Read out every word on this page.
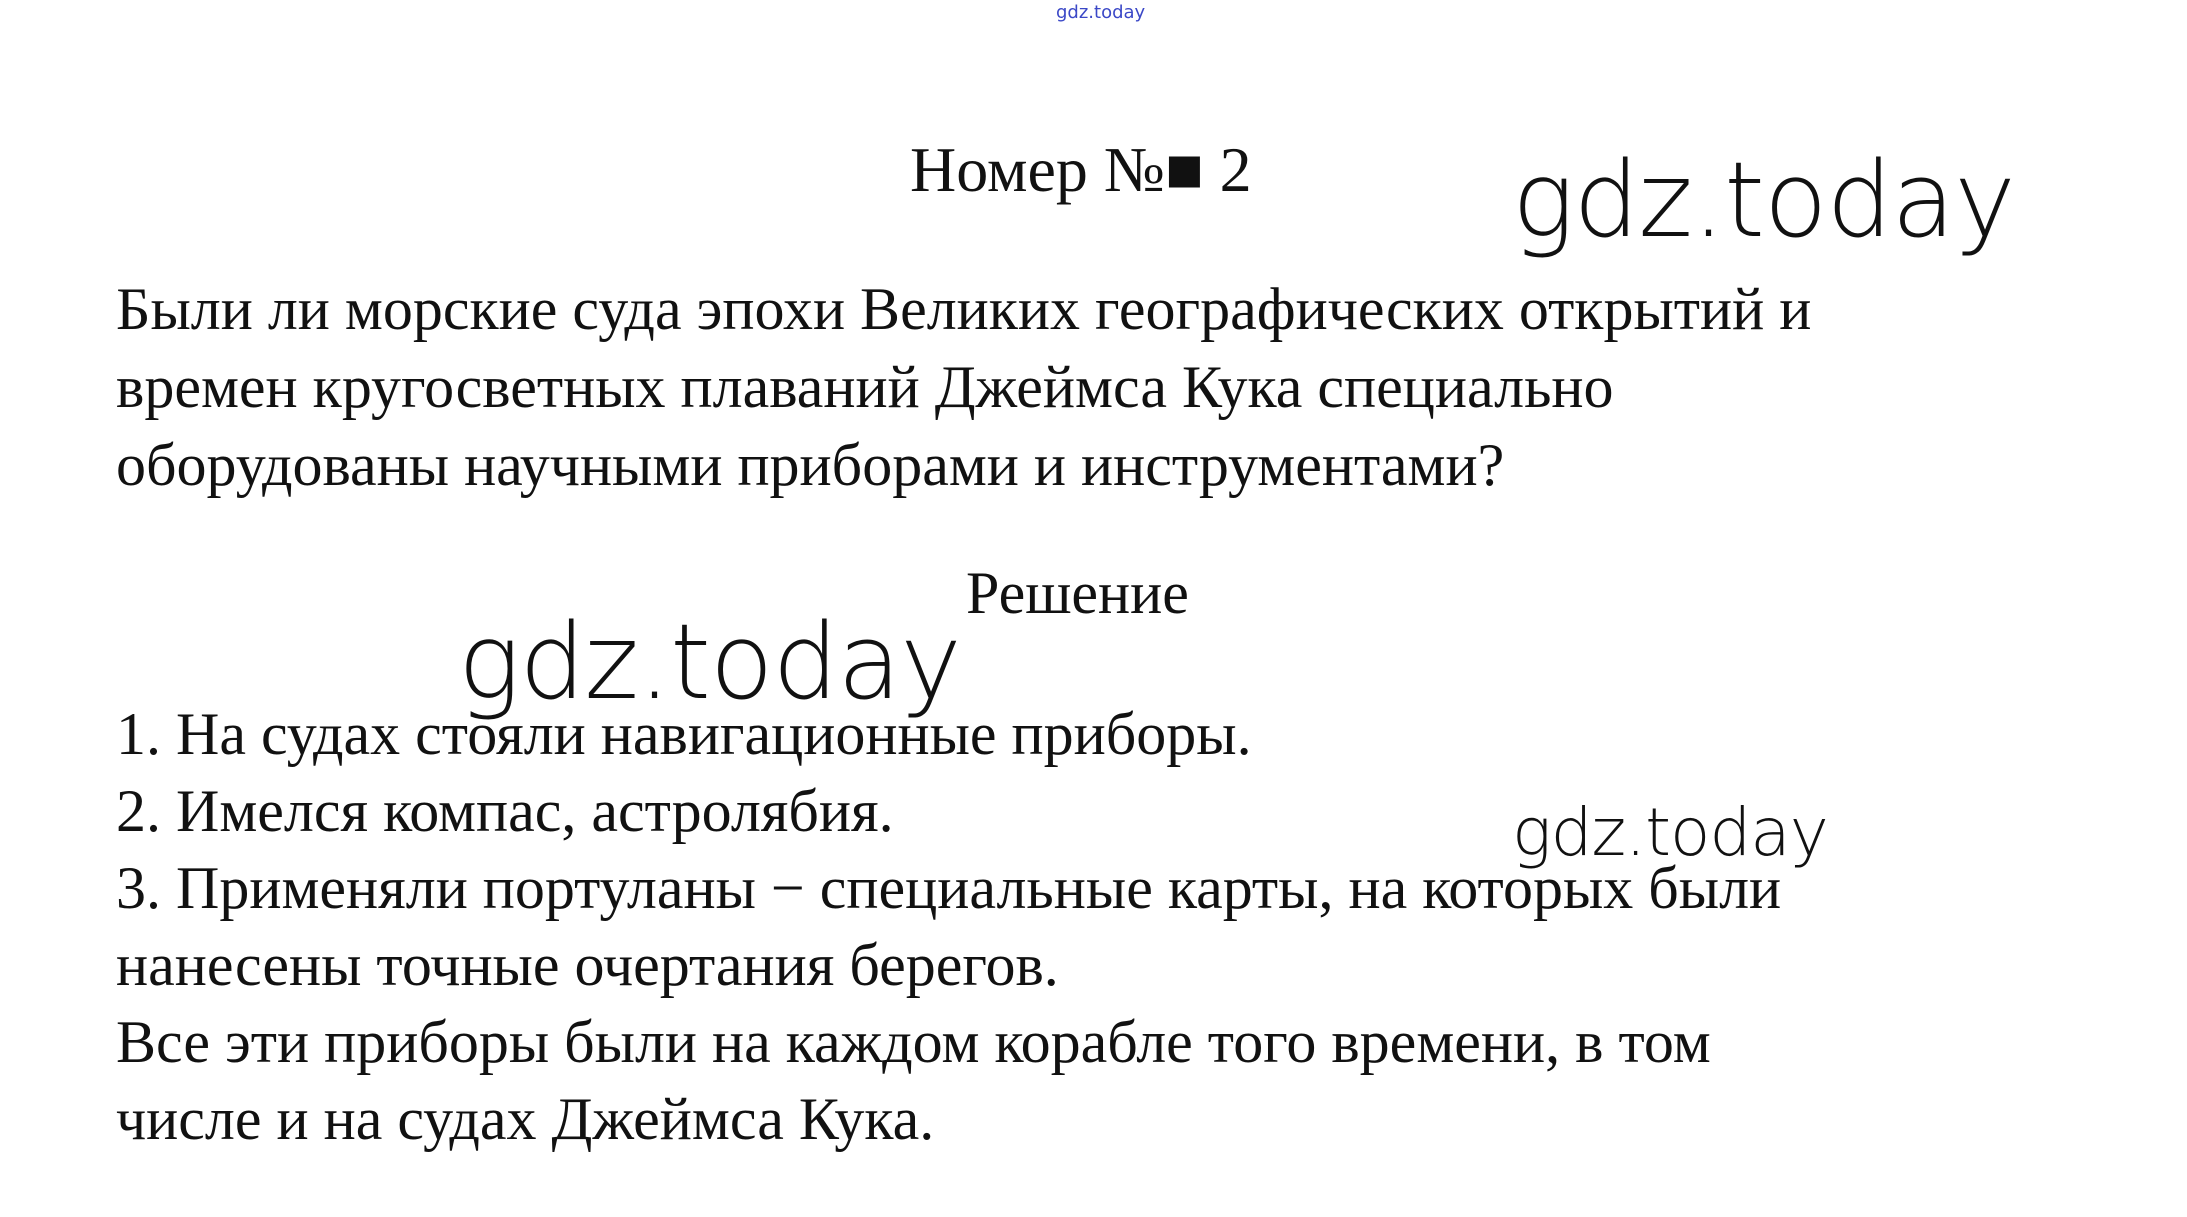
gdz.today
Номер №■ 2

Были ли морские суда эпохи Великих географических открытий и

времен кругосветных плаваний Джеймса Кука специально

оборудованы научными приборами и инструментами?

Решение

1. На судах стояли навигационные приборы.

2. Имелся компас, астролябия.

3. Применяли портуланы − специальные карты, на которых были

нанесены точные очертания берегов.

Все эти приборы были на каждом корабле того времени, в том

числе и на судах Джеймса Кука.

gdz.today
gdz.today
gdz.today
